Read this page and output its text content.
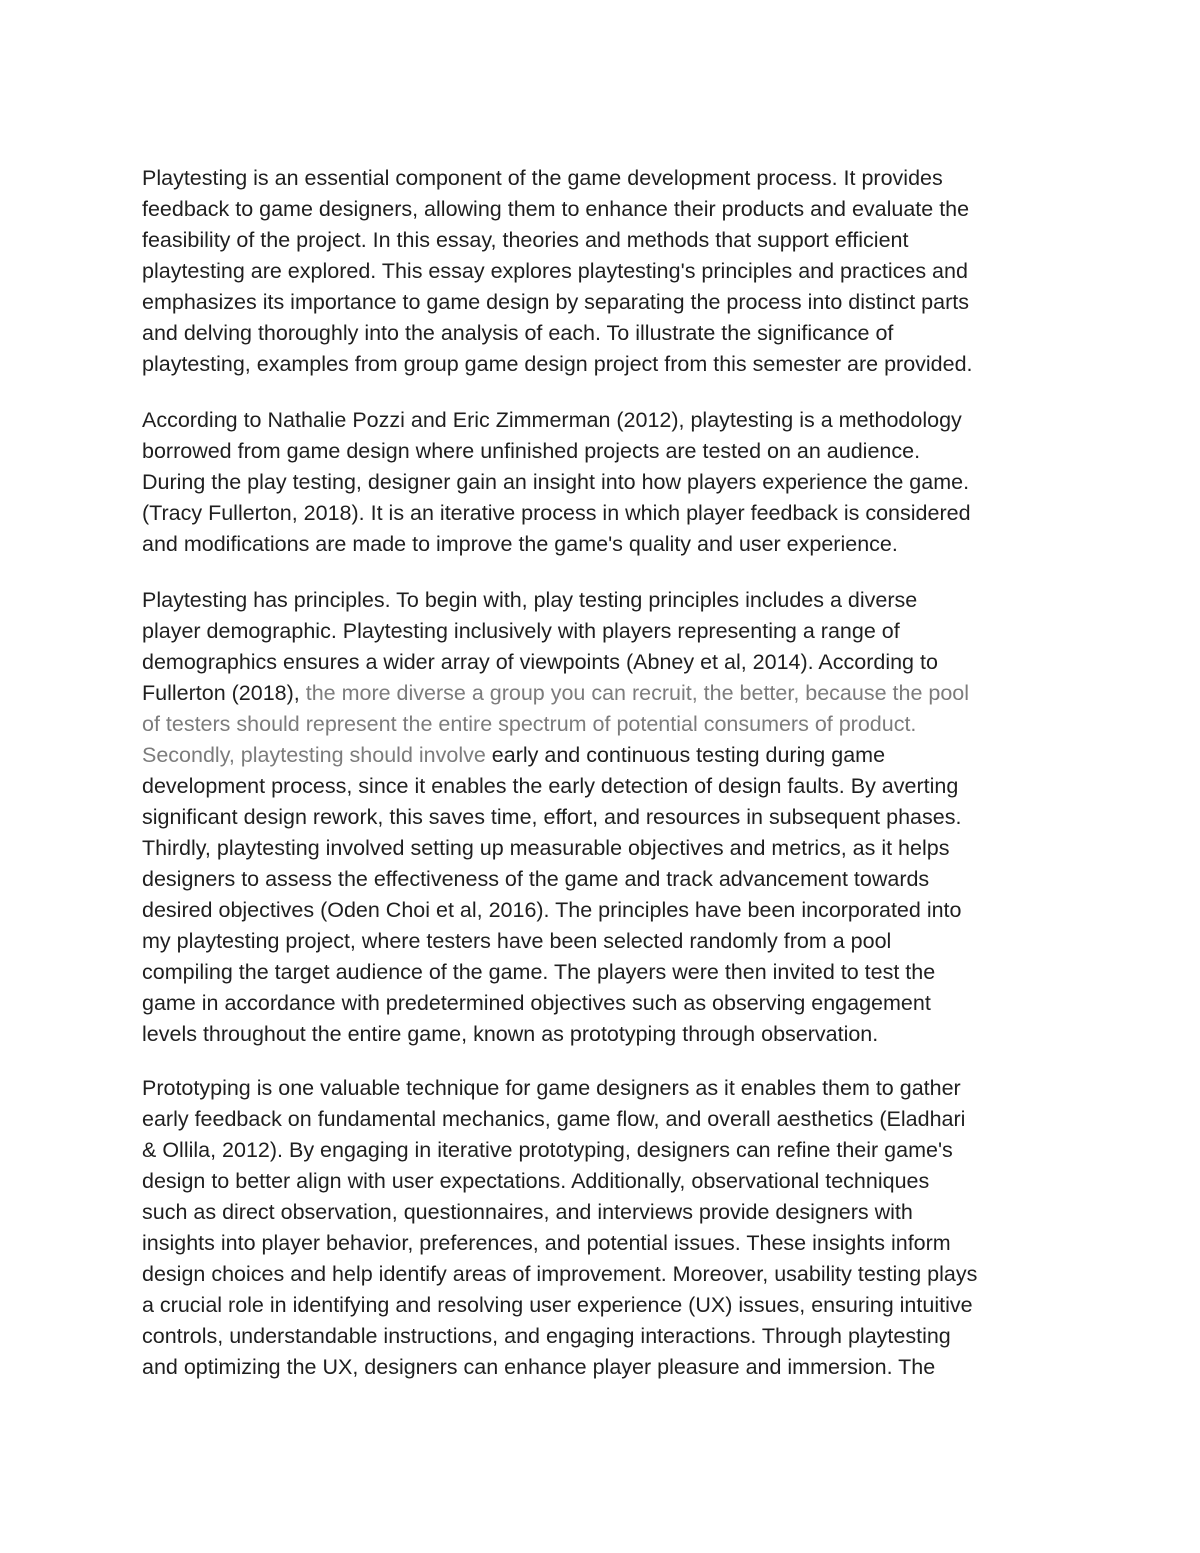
Playtesting is an essential component of the game development process. It provides
feedback to game designers, allowing them to enhance their products and evaluate the
feasibility of the project. In this essay, theories and methods that support efficient
playtesting are explored. This essay explores playtesting's principles and practices and
emphasizes its importance to game design by separating the process into distinct parts
and delving thoroughly into the analysis of each. To illustrate the significance of
playtesting, examples from group game design project from this semester are provided.
According to Nathalie Pozzi and Eric Zimmerman (2012), playtesting is a methodology
borrowed from game design where unfinished projects are tested on an audience.
During the play testing, designer gain an insight into how players experience the game.
(Tracy Fullerton, 2018). It is an iterative process in which player feedback is considered
and modifications are made to improve the game's quality and user experience.
Playtesting has principles. To begin with, play testing principles includes a diverse
player demographic. Playtesting inclusively with players representing a range of
demographics ensures a wider array of viewpoints (Abney et al, 2014). According to
Fullerton (2018), the more diverse a group you can recruit, the better, because the pool
of testers should represent the entire spectrum of potential consumers of product.
Secondly, playtesting should involve early and continuous testing during game
development process, since it enables the early detection of design faults. By averting
significant design rework, this saves time, effort, and resources in subsequent phases.
Thirdly, playtesting involved setting up measurable objectives and metrics, as it helps
designers to assess the effectiveness of the game and track advancement towards
desired objectives (Oden Choi et al, 2016). The principles have been incorporated into
my playtesting project, where testers have been selected randomly from a pool
compiling the target audience of the game. The players were then invited to test the
game in accordance with predetermined objectives such as observing engagement
levels throughout the entire game, known as prototyping through observation.
Prototyping is one valuable technique for game designers as it enables them to gather
early feedback on fundamental mechanics, game flow, and overall aesthetics (Eladhari
& Ollila, 2012). By engaging in iterative prototyping, designers can refine their game's
design to better align with user expectations. Additionally, observational techniques
such as direct observation, questionnaires, and interviews provide designers with
insights into player behavior, preferences, and potential issues. These insights inform
design choices and help identify areas of improvement. Moreover, usability testing plays
a crucial role in identifying and resolving user experience (UX) issues, ensuring intuitive
controls, understandable instructions, and engaging interactions. Through playtesting
and optimizing the UX, designers can enhance player pleasure and immersion. The
